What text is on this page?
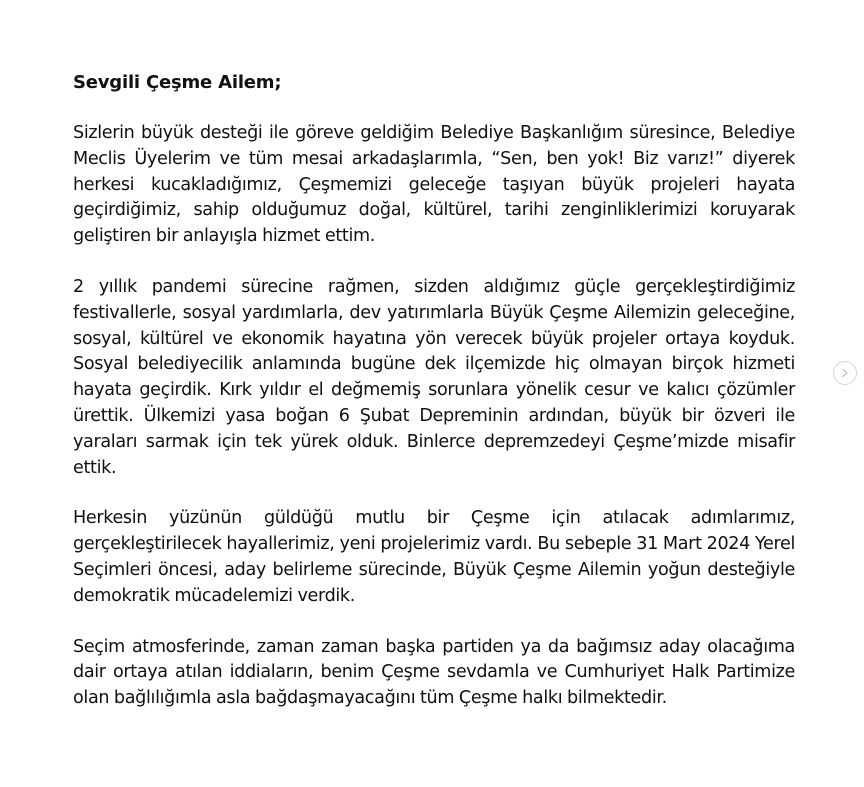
Sevgili Çeşme Ailem;

Sizlerin büyük desteği ile göreve geldiğim Belediye Başkanlığım süresince, Belediye Meclis Üyelerim ve tüm mesai arkadaşlarımla, “Sen, ben yok! Biz varız!” diyerek herkesi kucakladığımız, Çeşmemizi geleceğe taşıyan büyük projeleri hayata geçirdiğimiz, sahip olduğumuz doğal, kültürel, tarihi zenginliklerimizi koruyarak geliştiren bir anlayışla hizmet ettim.

2 yıllık pandemi sürecine rağmen, sizden aldığımız güçle gerçekleştirdiğimiz festivallerle, sosyal yardımlarla, dev yatırımlarla Büyük Çeşme Ailemizin geleceğine, sosyal, kültürel ve ekonomik hayatına yön verecek büyük projeler ortaya koyduk. Sosyal belediyecilik anlamında bugüne dek ilçemizde hiç olmayan birçok hizmeti hayata geçirdik. Kırk yıldır el değmemiş sorunlara yönelik cesur ve kalıcı çözümler ürettik. Ülkemizi yasa boğan 6 Şubat Depreminin ardından, büyük bir özveri ile yaraları sarmak için tek yürek olduk. Binlerce depremzedeyi Çeşme’mizde misafir ettik.

Herkesin yüzünün güldüğü mutlu bir Çeşme için atılacak adımlarımız, gerçekleştirilecek hayallerimiz, yeni projelerimiz vardı. Bu sebeple 31 Mart 2024 Yerel Seçimleri öncesi, aday belirleme sürecinde, Büyük Çeşme Ailemin yoğun desteğiyle demokratik mücadelemizi verdik.

Seçim atmosferinde, zaman zaman başka partiden ya da bağımsız aday olacağıma dair ortaya atılan iddiaların, benim Çeşme sevdamla ve Cumhuriyet Halk Partimize olan bağlılığımla asla bağdaşmayacağını tüm Çeşme halkı bilmektedir.
